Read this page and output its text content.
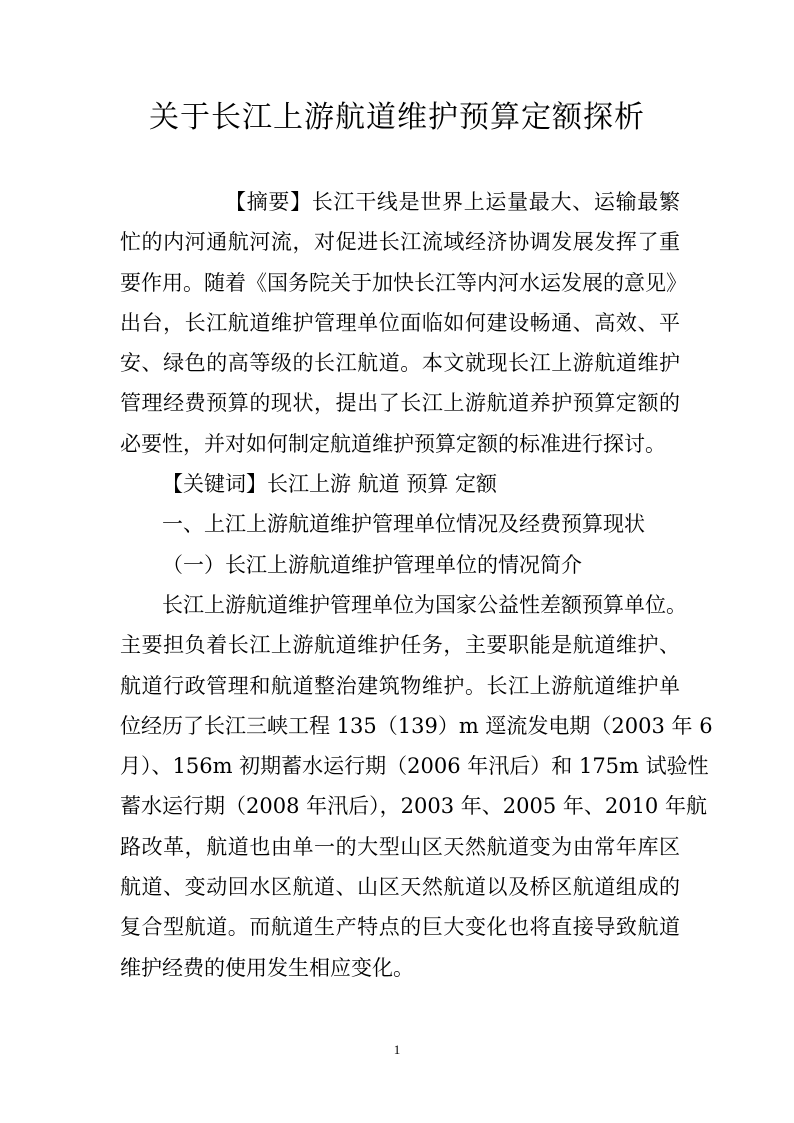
关于长江上游航道维护预算定额探析
【摘要】长江干线是世界上运量最大、运输最繁
忙的内河通航河流，对促进长江流域经济协调发展发挥了重
要作用。随着《国务院关于加快长江等内河水运发展的意见》
出台，长江航道维护管理单位面临如何建设畅通、高效、平
安、绿色的高等级的长江航道。本文就现长江上游航道维护
管理经费预算的现状，提出了长江上游航道养护预算定额的
必要性，并对如何制定航道维护预算定额的标准进行探讨。
【关键词】长江上游 航道 预算 定额
一、上江上游航道维护管理单位情况及经费预算现状
（一）长江上游航道维护管理单位的情况简介
长江上游航道维护管理单位为国家公益性差额预算单位。
主要担负着长江上游航道维护任务，主要职能是航道维护、
航道行政管理和航道整治建筑物维护。长江上游航道维护单
位经历了长江三峡工程 135（139）m 逕流发电期（2003 年 6
月）、156m 初期蓄水运行期（2006 年汛后）和 175m 试验性
蓄水运行期（2008 年汛后），2003 年、2005 年、2010 年航
路改革，航道也由单一的大型山区天然航道变为由常年库区
航道、变动回水区航道、山区天然航道以及桥区航道组成的
复合型航道。而航道生产特点的巨大变化也将直接导致航道
维护经费的使用发生相应变化。
1
